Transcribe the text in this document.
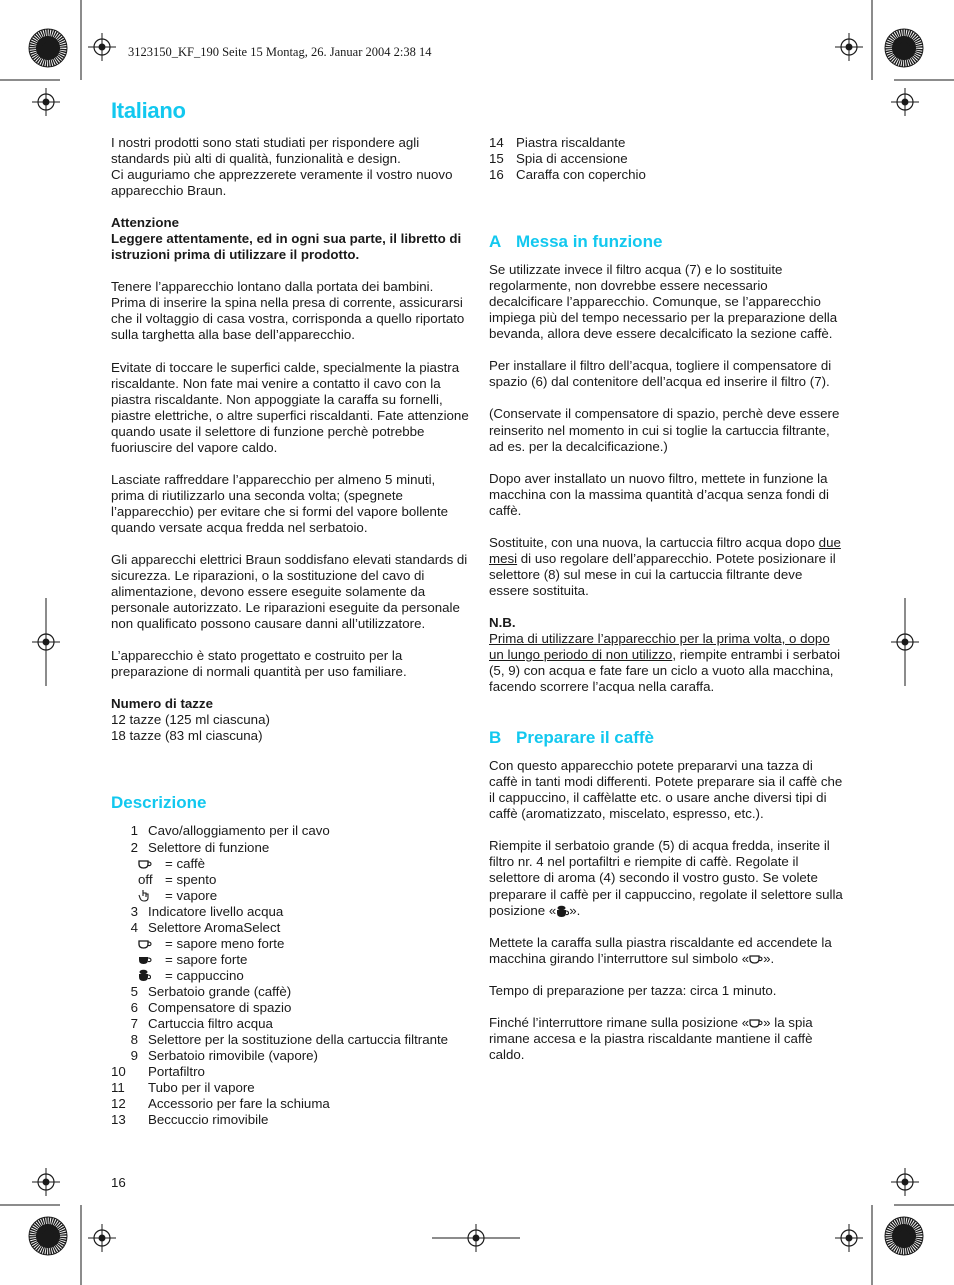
3123150_KF_190 Seite 15 Montag, 26. Januar 2004 2:38 14
Italiano

I nostri prodotti sono stati studiati per rispondere agli standards più alti di qualità, funzionalità e design.

Ci auguriamo che apprezzerete veramente il vostro nuovo apparecchio Braun.

Attenzione

Leggere attentamente, ed in ogni sua parte, il libretto di istruzioni prima di utilizzare il prodotto.

Tenere l’apparecchio lontano dalla portata dei bambini. Prima di inserire la spina nella presa di corrente, assicurarsi che il voltaggio di casa vostra, corrisponda a quello riportato sulla targhetta alla base dell’apparecchio.

Evitate di toccare le superfici calde, specialmente la piastra riscaldante. Non fate mai venire a contatto il cavo con la piastra riscaldante. Non appoggiate la caraffa su fornelli, piastre elettriche, o altre superfici riscaldanti. Fate attenzione quando usate il selettore di funzione perchè potrebbe fuoriuscire del vapore caldo.

Lasciate raffreddare l’apparecchio per almeno 5 minuti, prima di riutilizzarlo una seconda volta; (spegnete l’apparecchio) per evitare che si formi del vapore bollente quando versate acqua fredda nel serbatoio.

Gli apparecchi elettrici Braun soddisfano elevati standards di sicurezza. Le riparazioni, o la sostituzione del cavo di alimentazione, devono essere eseguite solamente da personale autorizzato. Le riparazioni eseguite da personale non qualificato possono causare danni all’utilizzatore.

L’apparecchio è stato progettato e costruito per la preparazione di normali quantità per uso familiare.

Numero di tazze

12 tazze (125 ml ciascuna)

18 tazze (83 ml ciascuna)

Descrizione
1 Cavo/alloggiamento per il cavo
2 Selettore di funzione
= caffè
off = spento
= vapore
3 Indicatore livello acqua
4 Selettore AromaSelect
= sapore meno forte
= sapore forte
= cappuccino
5 Serbatoio grande (caffè)
6 Compensatore di spazio
7 Cartuccia filtro acqua
8 Selettore per la sostituzione della cartuccia filtrante
9 Serbatoio rimovibile (vapore)
10	Portafiltro
11	Tubo per il vapore
12	Accessorio per fare la schiuma
13	Beccuccio rimovibile
16
14 Piastra riscaldante
15 Spia di accensione
16 Caraffa con coperchio
A Messa in funzione

Se utilizzate invece il filtro acqua (7) e lo sostituite regolarmente, non dovrebbe essere necessario decalcificare l’apparecchio. Comunque, se l’apparecchio impiega più del tempo necessario per la preparazione della bevanda, allora deve essere decalcificato la sezione caffè.

Per installare il filtro dell’acqua, togliere il compensatore di spazio (6) dal contenitore dell’acqua ed inserire il filtro (7).

(Conservate il compensatore di spazio, perchè deve essere reinserito nel momento in cui si toglie la cartuccia filtrante, ad es. per la decalcificazione.)

Dopo aver installato un nuovo filtro, mettete in funzione la macchina con la massima quantità d’acqua senza fondi di caffè.

Sostituite, con una nuova, la cartuccia filtro acqua dopo due mesi di uso regolare dell’apparecchio. Potete posizionare il selettore (8) sul mese in cui la cartuccia filtrante deve essere sostituita.

N.B.

Prima di utilizzare l’apparecchio per la prima volta, o dopo un lungo periodo di non utilizzo, riempite entrambi i serbatoi (5, 9) con acqua e fate fare un ciclo a vuoto alla macchina, facendo scorrere l’acqua nella caraffa.

B Preparare il caffè

Con questo apparecchio potete prepararvi una tazza di caffè in tanti modi differenti. Potete preparare sia il caffè che il cappuccino, il caffèlatte etc. o usare anche diversi tipi di caffè (aromatizzato, miscelato, espresso, etc.).

Riempite il serbatoio grande (5) di acqua fredda, inserite il filtro nr. 4 nel portafiltri e riempite di caffè. Regolate il selettore di aroma (4) secondo il vostro gusto. Se volete preparare il caffè per il cappuccino, regolate il selettore sulla posizione « ».

Mettete la caraffa sulla piastra riscaldante ed accendete la macchina girando l’interruttore sul simbolo « ».

Tempo di preparazione per tazza: circa 1 minuto.

Finché l’interruttore rimane sulla posizione « » la spia rimane accesa e la piastra riscaldante mantiene il caffè caldo.
